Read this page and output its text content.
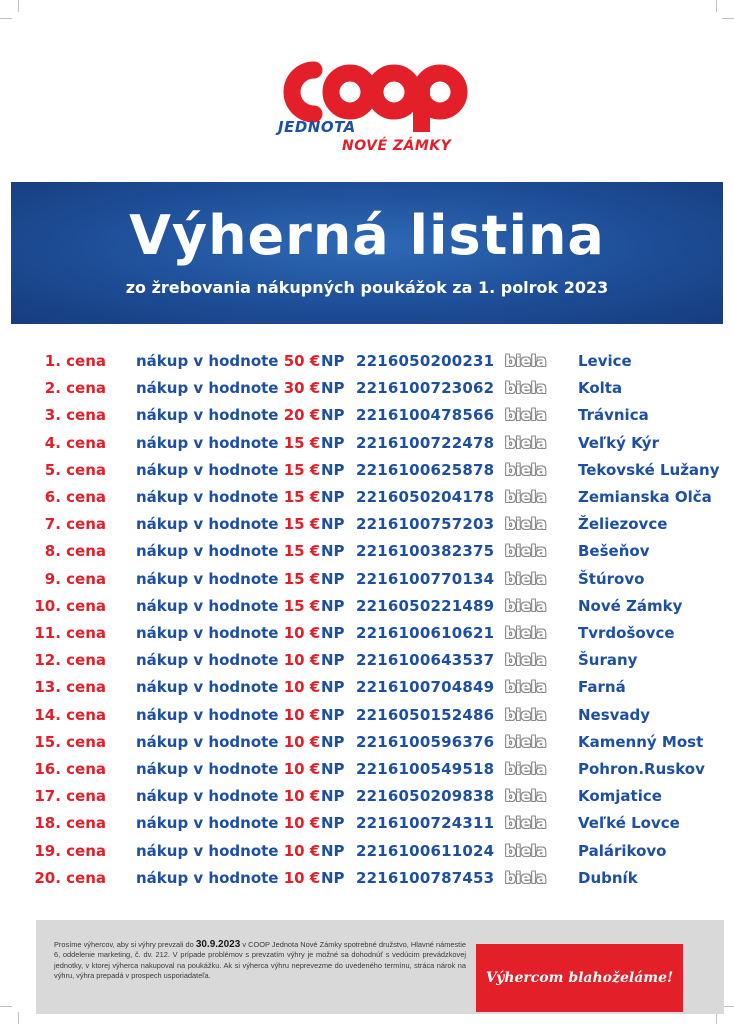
JEDNOTA
NOVÉ ZÁMKY
Výherná listina
zo žrebovania nákupných poukážok za 1. polrok 2023
1. cena nákup v hodnote 50 € NP 2216050200231 biela Levice
2. cena nákup v hodnote 30 € NP 2216100723062 biela Kolta
3. cena nákup v hodnote 20 € NP 2216100478566 biela Trávnica
4. cena nákup v hodnote 15 € NP 2216100722478 biela Veľký Kýr
5. cena nákup v hodnote 15 € NP 2216100625878 biela Tekovské Lužany
6. cena nákup v hodnote 15 € NP 2216050204178 biela Zemianska Olča
7. cena nákup v hodnote 15 € NP 2216100757203 biela Želiezovce
8. cena nákup v hodnote 15 € NP 2216100382375 biela Bešeňov
9. cena nákup v hodnote 15 € NP 2216100770134 biela Štúrovo
10. cena nákup v hodnote 15 € NP 2216050221489 biela Nové Zámky
11. cena nákup v hodnote 10 € NP 2216100610621 biela Tvrdošovce
12. cena nákup v hodnote 10 € NP 2216100643537 biela Šurany
13. cena nákup v hodnote 10 € NP 2216100704849 biela Farná
14. cena nákup v hodnote 10 € NP 2216050152486 biela Nesvady
15. cena nákup v hodnote 10 € NP 2216100596376 biela Kamenný Most
16. cena nákup v hodnote 10 € NP 2216100549518 biela Pohron.Ruskov
17. cena nákup v hodnote 10 € NP 2216050209838 biela Komjatice
18. cena nákup v hodnote 10 € NP 2216100724311 biela Veľké Lovce
19. cena nákup v hodnote 10 € NP 2216100611024 biela Palárikovo
20. cena nákup v hodnote 10 € NP 2216100787453 biela Dubník
Prosíme výhercov, aby si výhry prevzali do 30.9.2023 v COOP Jednota Nové Zámky spotrebné družstvo, Hlavné námestie 6, oddelenie marketing, č. dv. 212. V prípade problémov s prevzatím výhry je možné sa dohodnúť s vedúcim prevádzkovej jednotky, v ktorej výherca nakupoval na poukážku. Ak si výherca výhru neprevezme do uvedeného termínu, stráca nárok na výhru, výhra prepadá v prospech usporiadateľa.	Výhercom blahoželáme!
